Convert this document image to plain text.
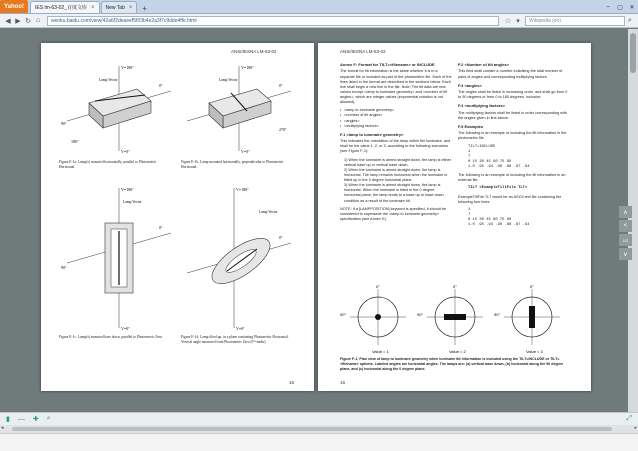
Yahoo!	IES lm-63-02_百度文库 × New Tab ×	+	–	▢	✕
◀ ▶ ↻ ⌂	wenku.baidu.com/view/42a6f2deaeef5f03b4e2a3f7c9dde4ffe.html	☆ ▾	Wikipedia (en)	⌕
ANSI/IESNA LM-63-02
V=180°
V=0°
90°
0°
180°
Lamp Vector
Figure E-1a. Lamp(s) mounted horizontally, parallel to Photometric Horizontal.
V=180°
V=0°
0°
270°
Lamp Vector
Figure E-1b. Lamp mounted horizontally, perpendicular to Photometric Horizontal.
V=180°
V=0°
90°
0°
Lamp Vector
Figure E-1c. Lamp(s) mounted base down, parallel to Photometric Zero.
V=180°
V=0°
0°
Lamp Vector
Figure E-1d. Lamp tilted up, in a plane containing Photometric Horizontal. Vertical angle measured from Photometric Zero (0°=nadir).
15
ANSI/IESNA LM-63-02
Annex F: Format for TILT=<filename> or INCLUDE

The format for tilt information is the same whether it is in a separate file or included as part of the photometric file. Each of the lines listed in the format are described in the sections below. Each line shall begin a new line in the file. Note: The tilt data are real values except <lamp to luminaire geometry> and <number of tilt angles>, which are integer values (exponential notation is not allowed).

• <lamp to luminaire geometry>
• <number of tilt angles>
• <angles>
• <multiplying factors>
F.1 <lamp to luminaire geometry>

This indicates the orientation of the lamp within the luminaire, and shall be the value 1, 2, or 3, according to the following scenarios (see Figure F-1):

1) When the luminaire is aimed straight down, the lamp is either vertical base up or vertical base down.
2) When the luminaire is aimed straight down, the lamp is horizontal. The lamp remains horizontal when the luminaire is tilted up in the 0 degree horizontal plane.
3) When the luminaire is aimed straight down, the lamp is horizontal. When the luminaire is tilted in the 0 degree horizontal plane, the lamp tends to a base up or base down condition as a result of the luminaire tilt.

NOTE: If a [LAMPPOSITION] keyword is specified, it should be considered to supersede the <lamp to luminaire geometry> specification (see Annex E).

F.2 <Number of tilt angles>

This field shall contain a number indicating the total number of pairs of angles and corresponding multiplying factors.

F.3 <angles>

The angles shall be listed in increasing order, and shall go from 0 to 90 degrees or from 0 to 180 degrees, inclusive.

F.4 <multiplying factors>

The multiplying factors shall be listed in order corresponding with the angles given in line above.

F.5 Examples

The following is an example of including the tilt information in the photometric file.

TILT=INCLUDE
1
7
0 15 30 45 60 75 90
1.0 .95 .94 .90 .88 .87 .94

The following is an example of including the tilt information in an external file.

TILT <ExampleTiltFile.TLT>

ExampleTiltFile.TLT would be an ASCII text file containing the following four lines:

1
7
0 15 30 45 60 75 90
1.0 .95 .94 .90 .88 .87 .94
0°
90°
Value = 1
0°
90°
Value = 2
0°
90°
Value = 3
Figure F-1. Plan view of lamp to luminaire geometry when luminaire tilt information is included using the TILT=INCLUDE or TILT=<filename> options. Labeled angles are horizontal angles. The lamps are: (a) vertical base down, (b) horizontal along the 90 degree plane, and (c) horizontal along the 0 degree plane.
16
∧
<
1/2
∨
▮ — ✚ ⌕	⤢
◂	▸
